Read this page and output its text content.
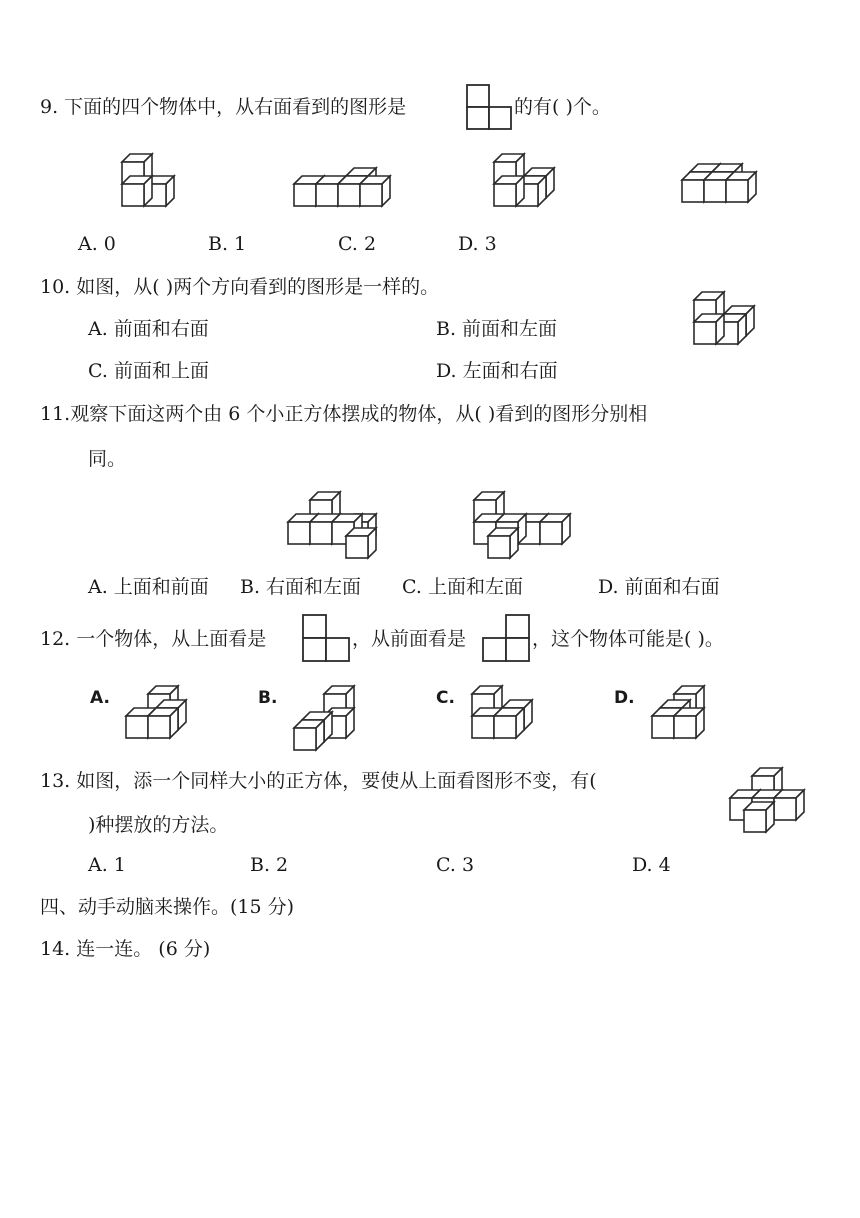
9. 下面的四个物体中，从右面看到的图形是	的有( )个。
A. 0	B. 1	C. 2	D. 3
10. 如图，从( )两个方向看到的图形是一样的。
A. 前面和右面	B. 前面和左面
C. 前面和上面	D. 左面和右面
11.观察下面这两个由 6 个小正方体摆成的物体，从( )看到的图形分别相
同。
A. 上面和前面 B. 右面和左面 C. 上面和左面	D. 前面和右面
12. 一个物体，从上面看是	，从前面看是	，这个物体可能是( )。
A.	B.	C.	D.
13. 如图，添一个同样大小的正方体，要使从上面看图形不变，有(
)种摆放的方法。
A. 1	B. 2	C. 3	D. 4
四、动手动脑来操作。(15 分)
14. 连一连。 (6 分)
